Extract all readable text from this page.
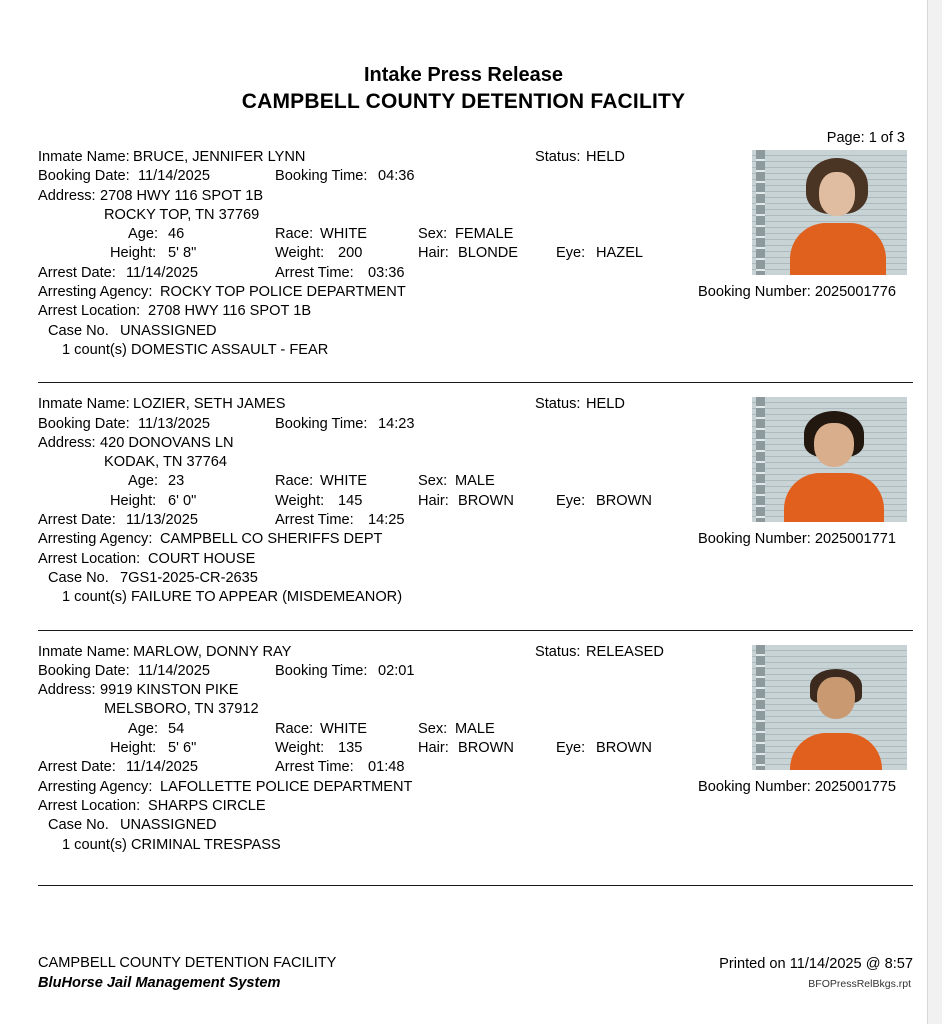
Intake Press Release
CAMPBELL COUNTY DETENTION FACILITY
Page: 1 of 3
Inmate Name: BRUCE, JENNIFER LYNN	Status: HELD
Booking Date: 11/14/2025	Booking Time: 04:36
Address: 2708 HWY 116 SPOT 1B
ROCKY TOP, TN 37769
Age: 46	Race: WHITE	Sex: FEMALE
Height: 5' 8"	Weight: 200	Hair: BLONDE	Eye: HAZEL
Arrest Date: 11/14/2025	Arrest Time: 03:36
Arresting Agency: ROCKY TOP POLICE DEPARTMENT
Arrest Location: 2708 HWY 116 SPOT 1B
Case No. UNASSIGNED
1 count(s) DOMESTIC ASSAULT - FEAR
Booking Number: 2025001776
Inmate Name: LOZIER, SETH JAMES	Status: HELD
Booking Date: 11/13/2025	Booking Time: 14:23
Address: 420 DONOVANS LN
KODAK, TN 37764
Age: 23	Race: WHITE	Sex: MALE
Height: 6' 0"	Weight: 145	Hair: BROWN	Eye: BROWN
Arrest Date: 11/13/2025	Arrest Time: 14:25
Arresting Agency: CAMPBELL CO SHERIFFS DEPT
Arrest Location: COURT HOUSE
Case No. 7GS1-2025-CR-2635
1 count(s) FAILURE TO APPEAR (MISDEMEANOR)
Booking Number: 2025001771
Inmate Name: MARLOW, DONNY RAY	Status: RELEASED
Booking Date: 11/14/2025	Booking Time: 02:01
Address: 9919 KINSTON PIKE
MELSBORO, TN 37912
Age: 54	Race: WHITE	Sex: MALE
Height: 5' 6"	Weight: 135	Hair: BROWN	Eye: BROWN
Arrest Date: 11/14/2025	Arrest Time: 01:48
Arresting Agency: LAFOLLETTE POLICE DEPARTMENT
Arrest Location: SHARPS CIRCLE
Case No. UNASSIGNED
1 count(s) CRIMINAL TRESPASS
Booking Number: 2025001775
CAMPBELL COUNTY DETENTION FACILITY
BluHorse Jail Management System
Printed on 11/14/2025 @ 8:57
BFOPressRelBkgs.rpt
